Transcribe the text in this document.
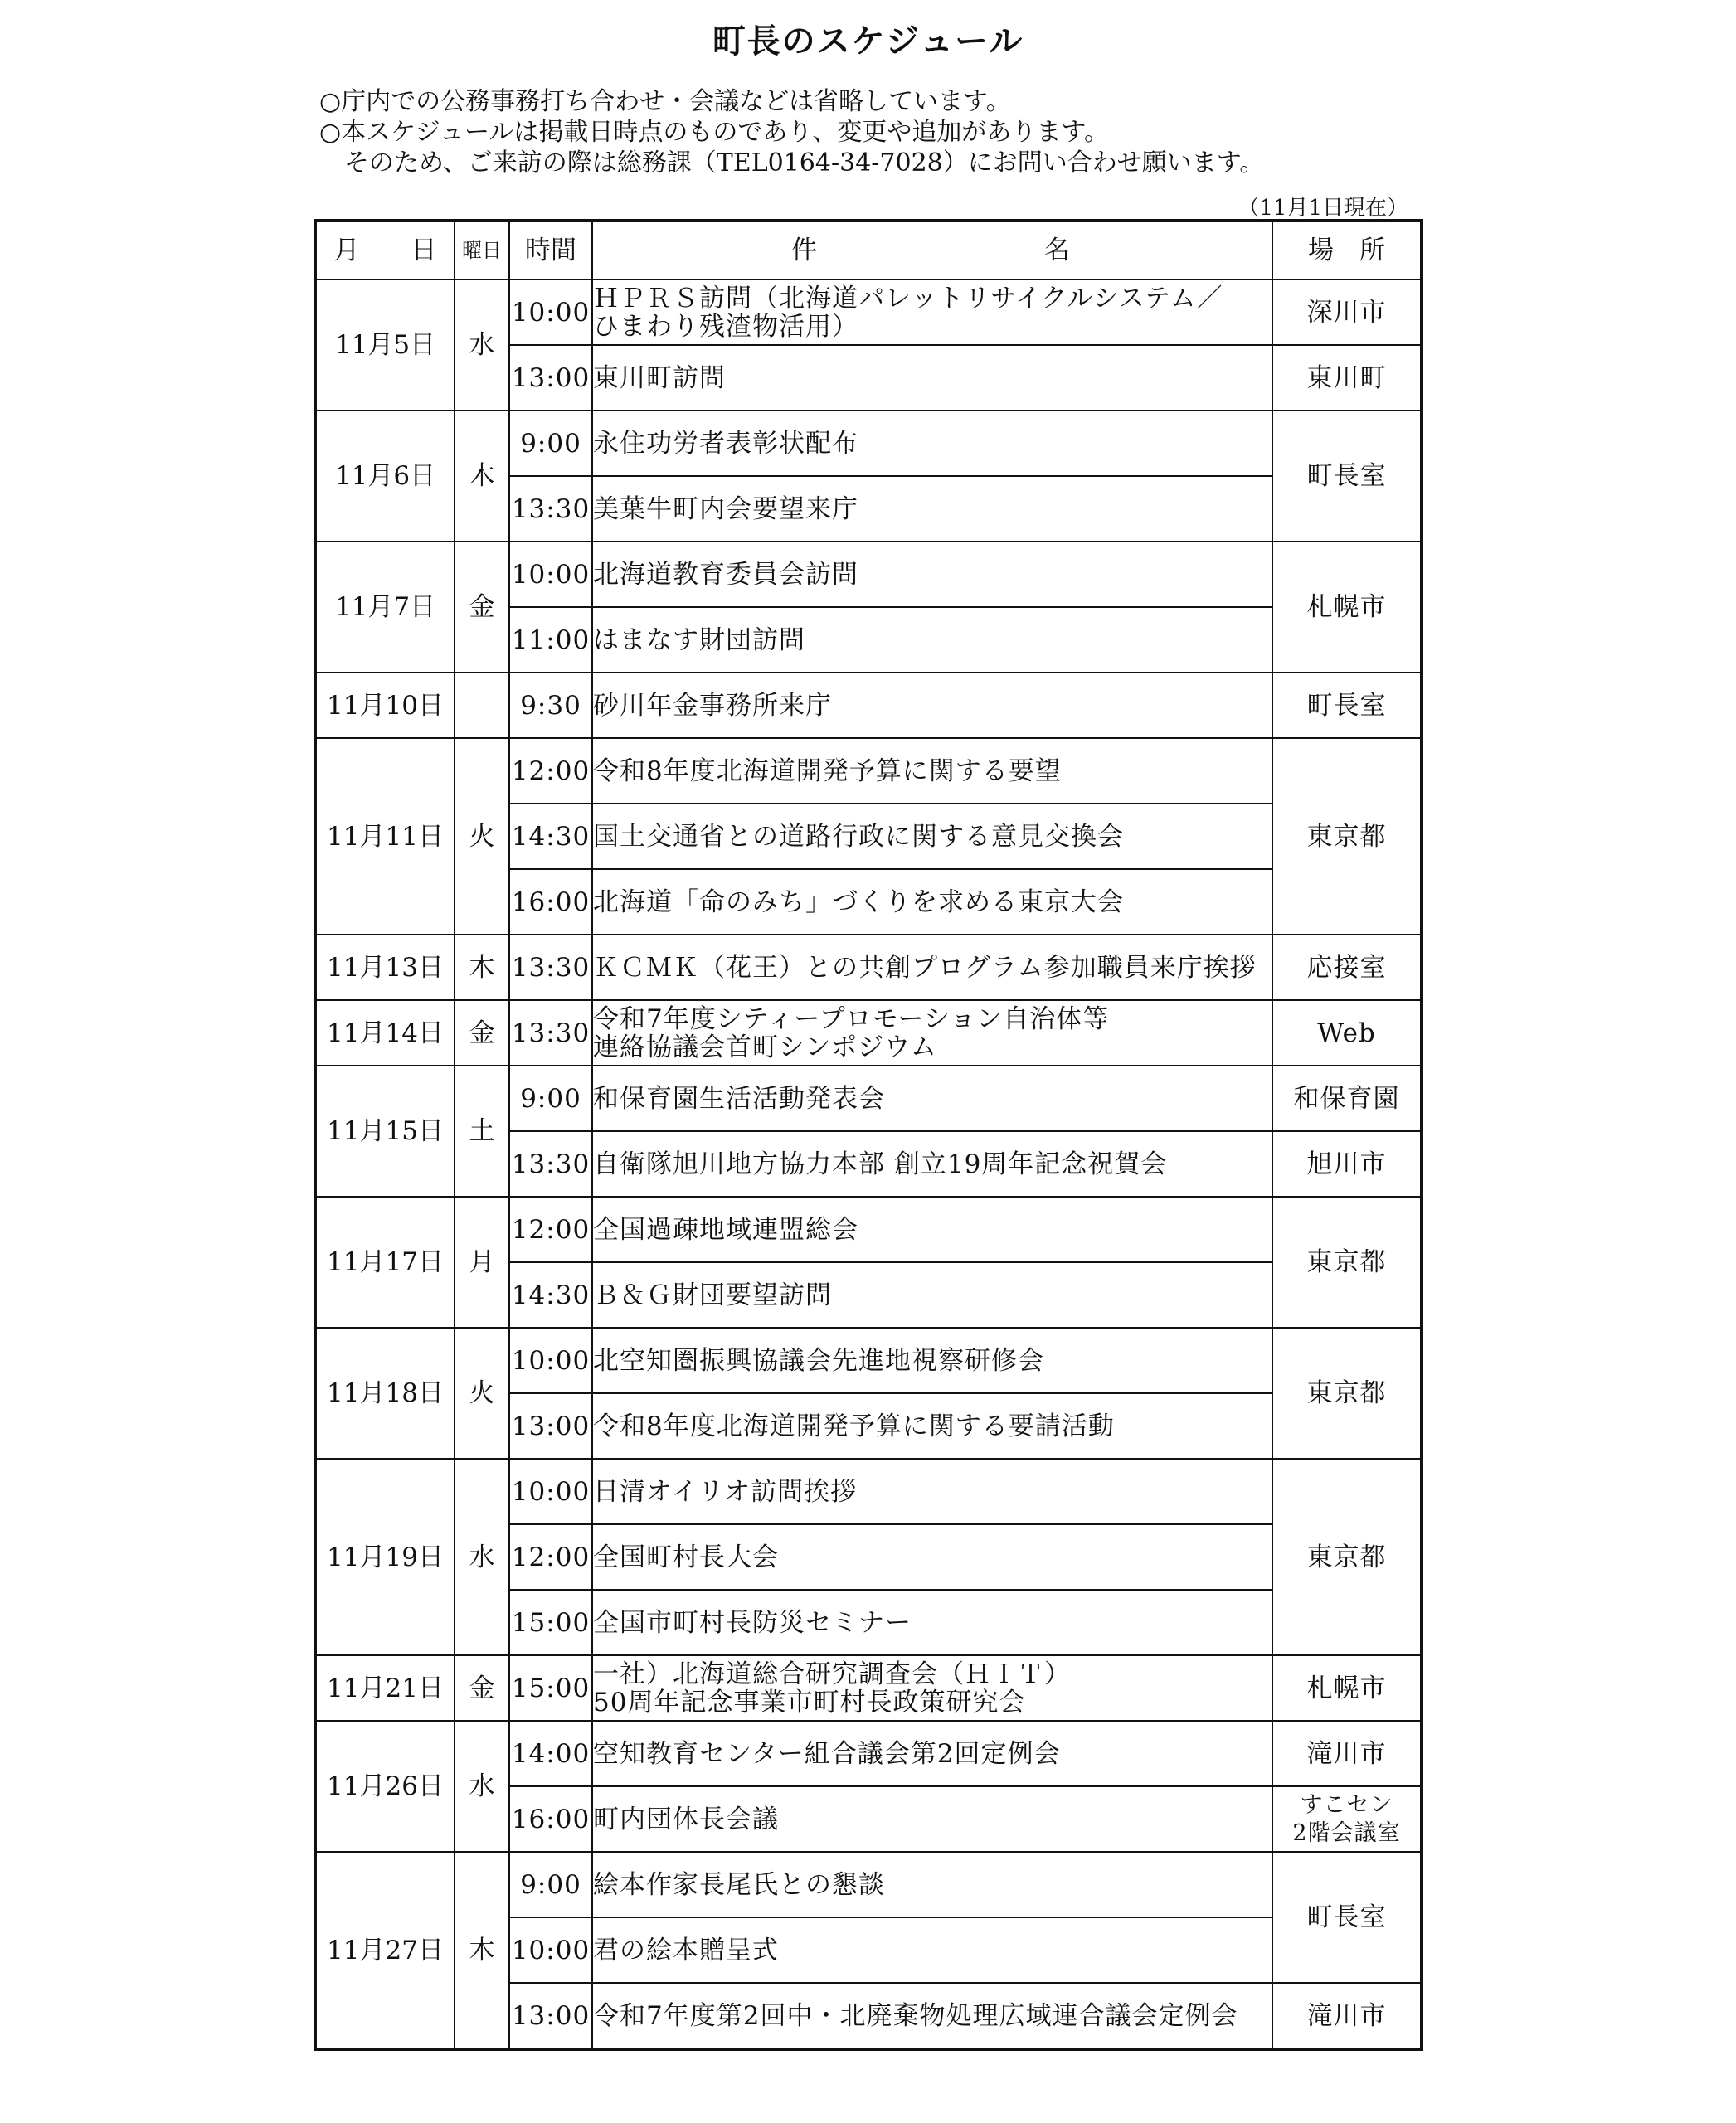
町長のスケジュール
○庁内での公務事務打ち合わせ・会議などは省略しています。
○本スケジュールは掲載日時点のものであり、変更や追加があります。
　そのため、ご来訪の際は総務課（TEL0164-34-7028）にお問い合わせ願います。
（11月1日現在）
月　　日	曜日	時間	件 名	場　所
11月5日	水	10:00	ＨＰＲＳ訪問（北海道パレットリサイクルシステム／
ひまわり残渣物活用）	深川市
		13:00	東川町訪問	東川町
11月6日	木	9:00	永住功労者表彰状配布	町長室
		13:30	美葉牛町内会要望来庁	

11月7日	金	10:00	北海道教育委員会訪問	札幌市
		11:00	はまなす財団訪問	

11月10日		9:30	砂川年金事務所来庁	町長室
11月11日	火	12:00	令和8年度北海道開発予算に関する要望	東京都
		14:30	国土交通省との道路行政に関する意見交換会	

		16:00	北海道「命のみち」づくりを求める東京大会	

11月13日	木	13:30	ＫＣＭＫ（花王）との共創プログラム参加職員来庁挨拶	応接室
11月14日	金	13:30	令和7年度シティープロモーション自治体等
連絡協議会首町シンポジウム	Web
11月15日	土	9:00	和保育園生活活動発表会	和保育園
		13:30	自衛隊旭川地方協力本部 創立19周年記念祝賀会	旭川市
11月17日	月	12:00	全国過疎地域連盟総会	東京都
		14:30	Ｂ＆Ｇ財団要望訪問	

11月18日	火	10:00	北空知圏振興協議会先進地視察研修会	東京都
		13:00	令和8年度北海道開発予算に関する要請活動	

11月19日	水	10:00	日清オイリオ訪問挨拶	東京都
		12:00	全国町村長大会	

		15:00	全国市町村長防災セミナー	

11月21日	金	15:00	一社）北海道総合研究調査会（ＨＩＴ）
50周年記念事業市町村長政策研究会	札幌市
11月26日	水	14:00	空知教育センター組合議会第2回定例会	滝川市
		16:00	町内団体長会議	すこセン
2階会議室
11月27日	木	9:00	絵本作家長尾氏との懇談	町長室
		10:00	君の絵本贈呈式	

		13:00	令和7年度第2回中・北廃棄物処理広域連合議会定例会	滝川市
